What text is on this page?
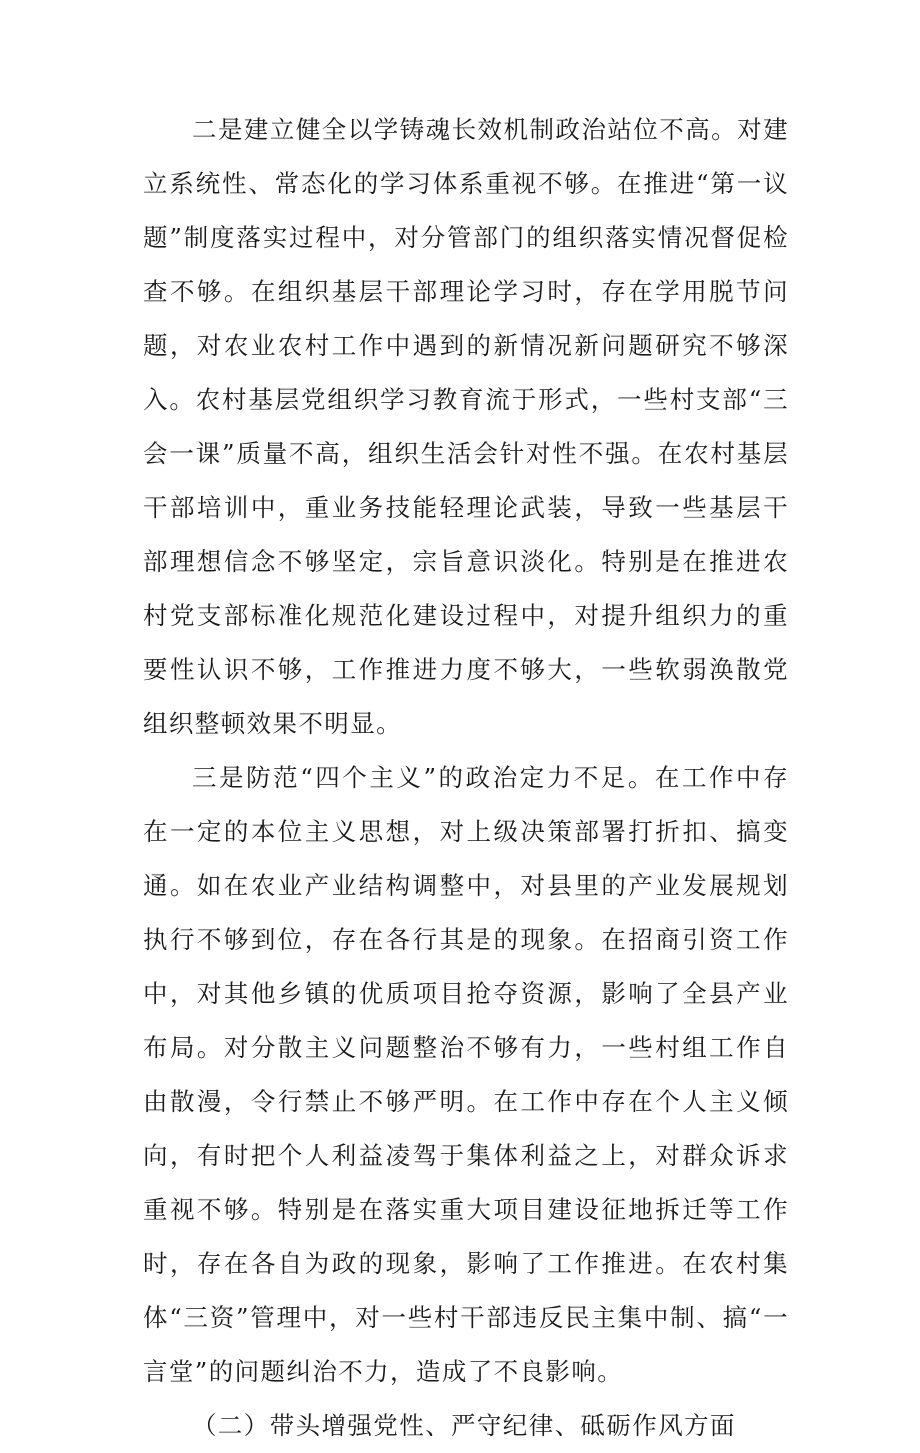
二是建立健全以学铸魂长效机制政治站位不高。对建立系统性、常态化的学习体系重视不够。在推进“第一议题”制度落实过程中，对分管部门的组织落实情况督促检查不够。在组织基层干部理论学习时，存在学用脱节问题，对农业农村工作中遇到的新情况新问题研究不够深入。农村基层党组织学习教育流于形式，一些村支部“三会一课”质量不高，组织生活会针对性不强。在农村基层干部培训中，重业务技能轻理论武装，导致一些基层干部理想信念不够坚定，宗旨意识淡化。特别是在推进农村党支部标准化规范化建设过程中，对提升组织力的重要性认识不够，工作推进力度不够大，一些软弱涣散党组织整顿效果不明显。

三是防范“四个主义”的政治定力不足。在工作中存在一定的本位主义思想，对上级决策部署打折扣、搞变通。如在农业产业结构调整中，对县里的产业发展规划执行不够到位，存在各行其是的现象。在招商引资工作中，对其他乡镇的优质项目抢夺资源，影响了全县产业布局。对分散主义问题整治不够有力，一些村组工作自由散漫，令行禁止不够严明。在工作中存在个人主义倾向，有时把个人利益凌驾于集体利益之上，对群众诉求重视不够。特别是在落实重大项目建设征地拆迁等工作时，存在各自为政的现象，影响了工作推进。在农村集体“三资”管理中，对一些村干部违反民主集中制、搞“一言堂”的问题纠治不力，造成了不良影响。

（二）带头增强党性、严守纪律、砥砺作风方面
